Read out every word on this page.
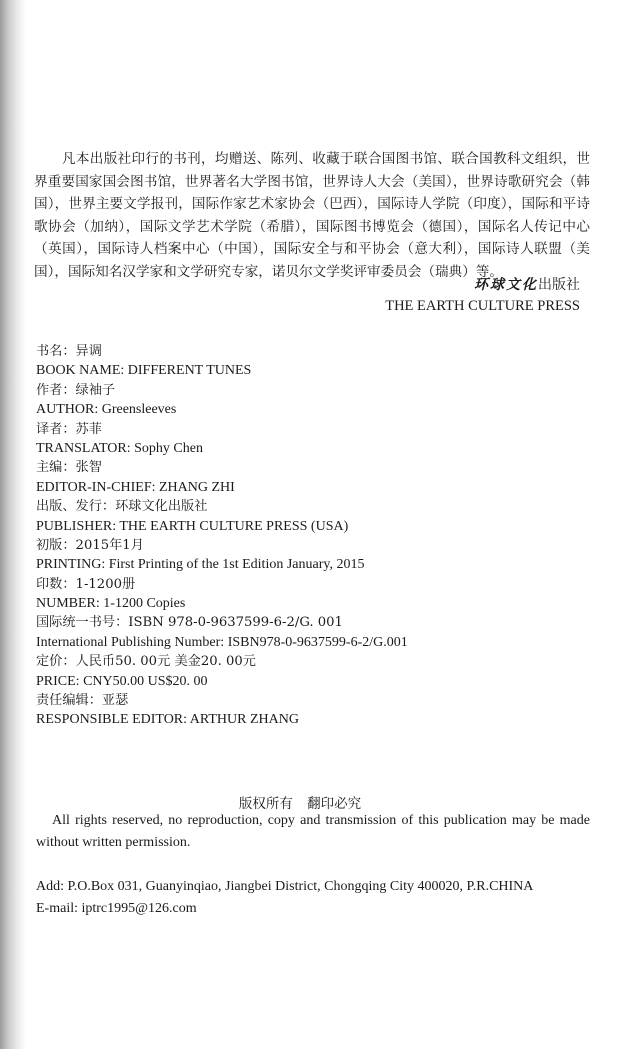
凡本出版社印行的书刊，均赠送、陈列、收藏于联合国图书馆、联合国教科文组织，世界重要国家国会图书馆，世界著名大学图书馆，世界诗人大会（美国），世界诗歌研究会（韩国），世界主要文学报刊，国际作家艺术家协会（巴西），国际诗人学院（印度），国际和平诗歌协会（加纳），国际文学艺术学院（希腊），国际图书博览会（德国），国际名人传记中心（英国），国际诗人档案中心（中国），国际安全与和平协会（意大利），国际诗人联盟（美国），国际知名汉学家和文学研究专家，诺贝尔文学奖评审委员会（瑞典）等。

环球文化出版社

THE EARTH CULTURE PRESS

书名：异调
BOOK NAME: DIFFERENT TUNES
作者：绿袖子
AUTHOR: Greensleeves
译者：苏菲
TRANSLATOR: Sophy Chen
主编：张智
EDITOR-IN-CHIEF: ZHANG ZHI
出版、发行：环球文化出版社
PUBLISHER: THE EARTH CULTURE PRESS (USA)
初版：2015年1月
PRINTING: First Printing of the 1st Edition January, 2015
印数：1-1200册
NUMBER: 1-1200 Copies
国际统一书号：ISBN 978-0-9637599-6-2/G. 001
International Publishing Number: ISBN978-0-9637599-6-2/G.001
定价：人民币50. 00元 美金20. 00元
PRICE: CNY50.00 US$20. 00
责任编辑：亚瑟
RESPONSIBLE EDITOR: ARTHUR ZHANG

版权所有 翻印必究

All rights reserved, no reproduction, copy and transmission of this publication may be made without written permission.

Add: P.O.Box 031, Guanyinqiao, Jiangbei District, Chongqing City 400020, P.R.CHINA
E-mail: iptrc1995@126.com
